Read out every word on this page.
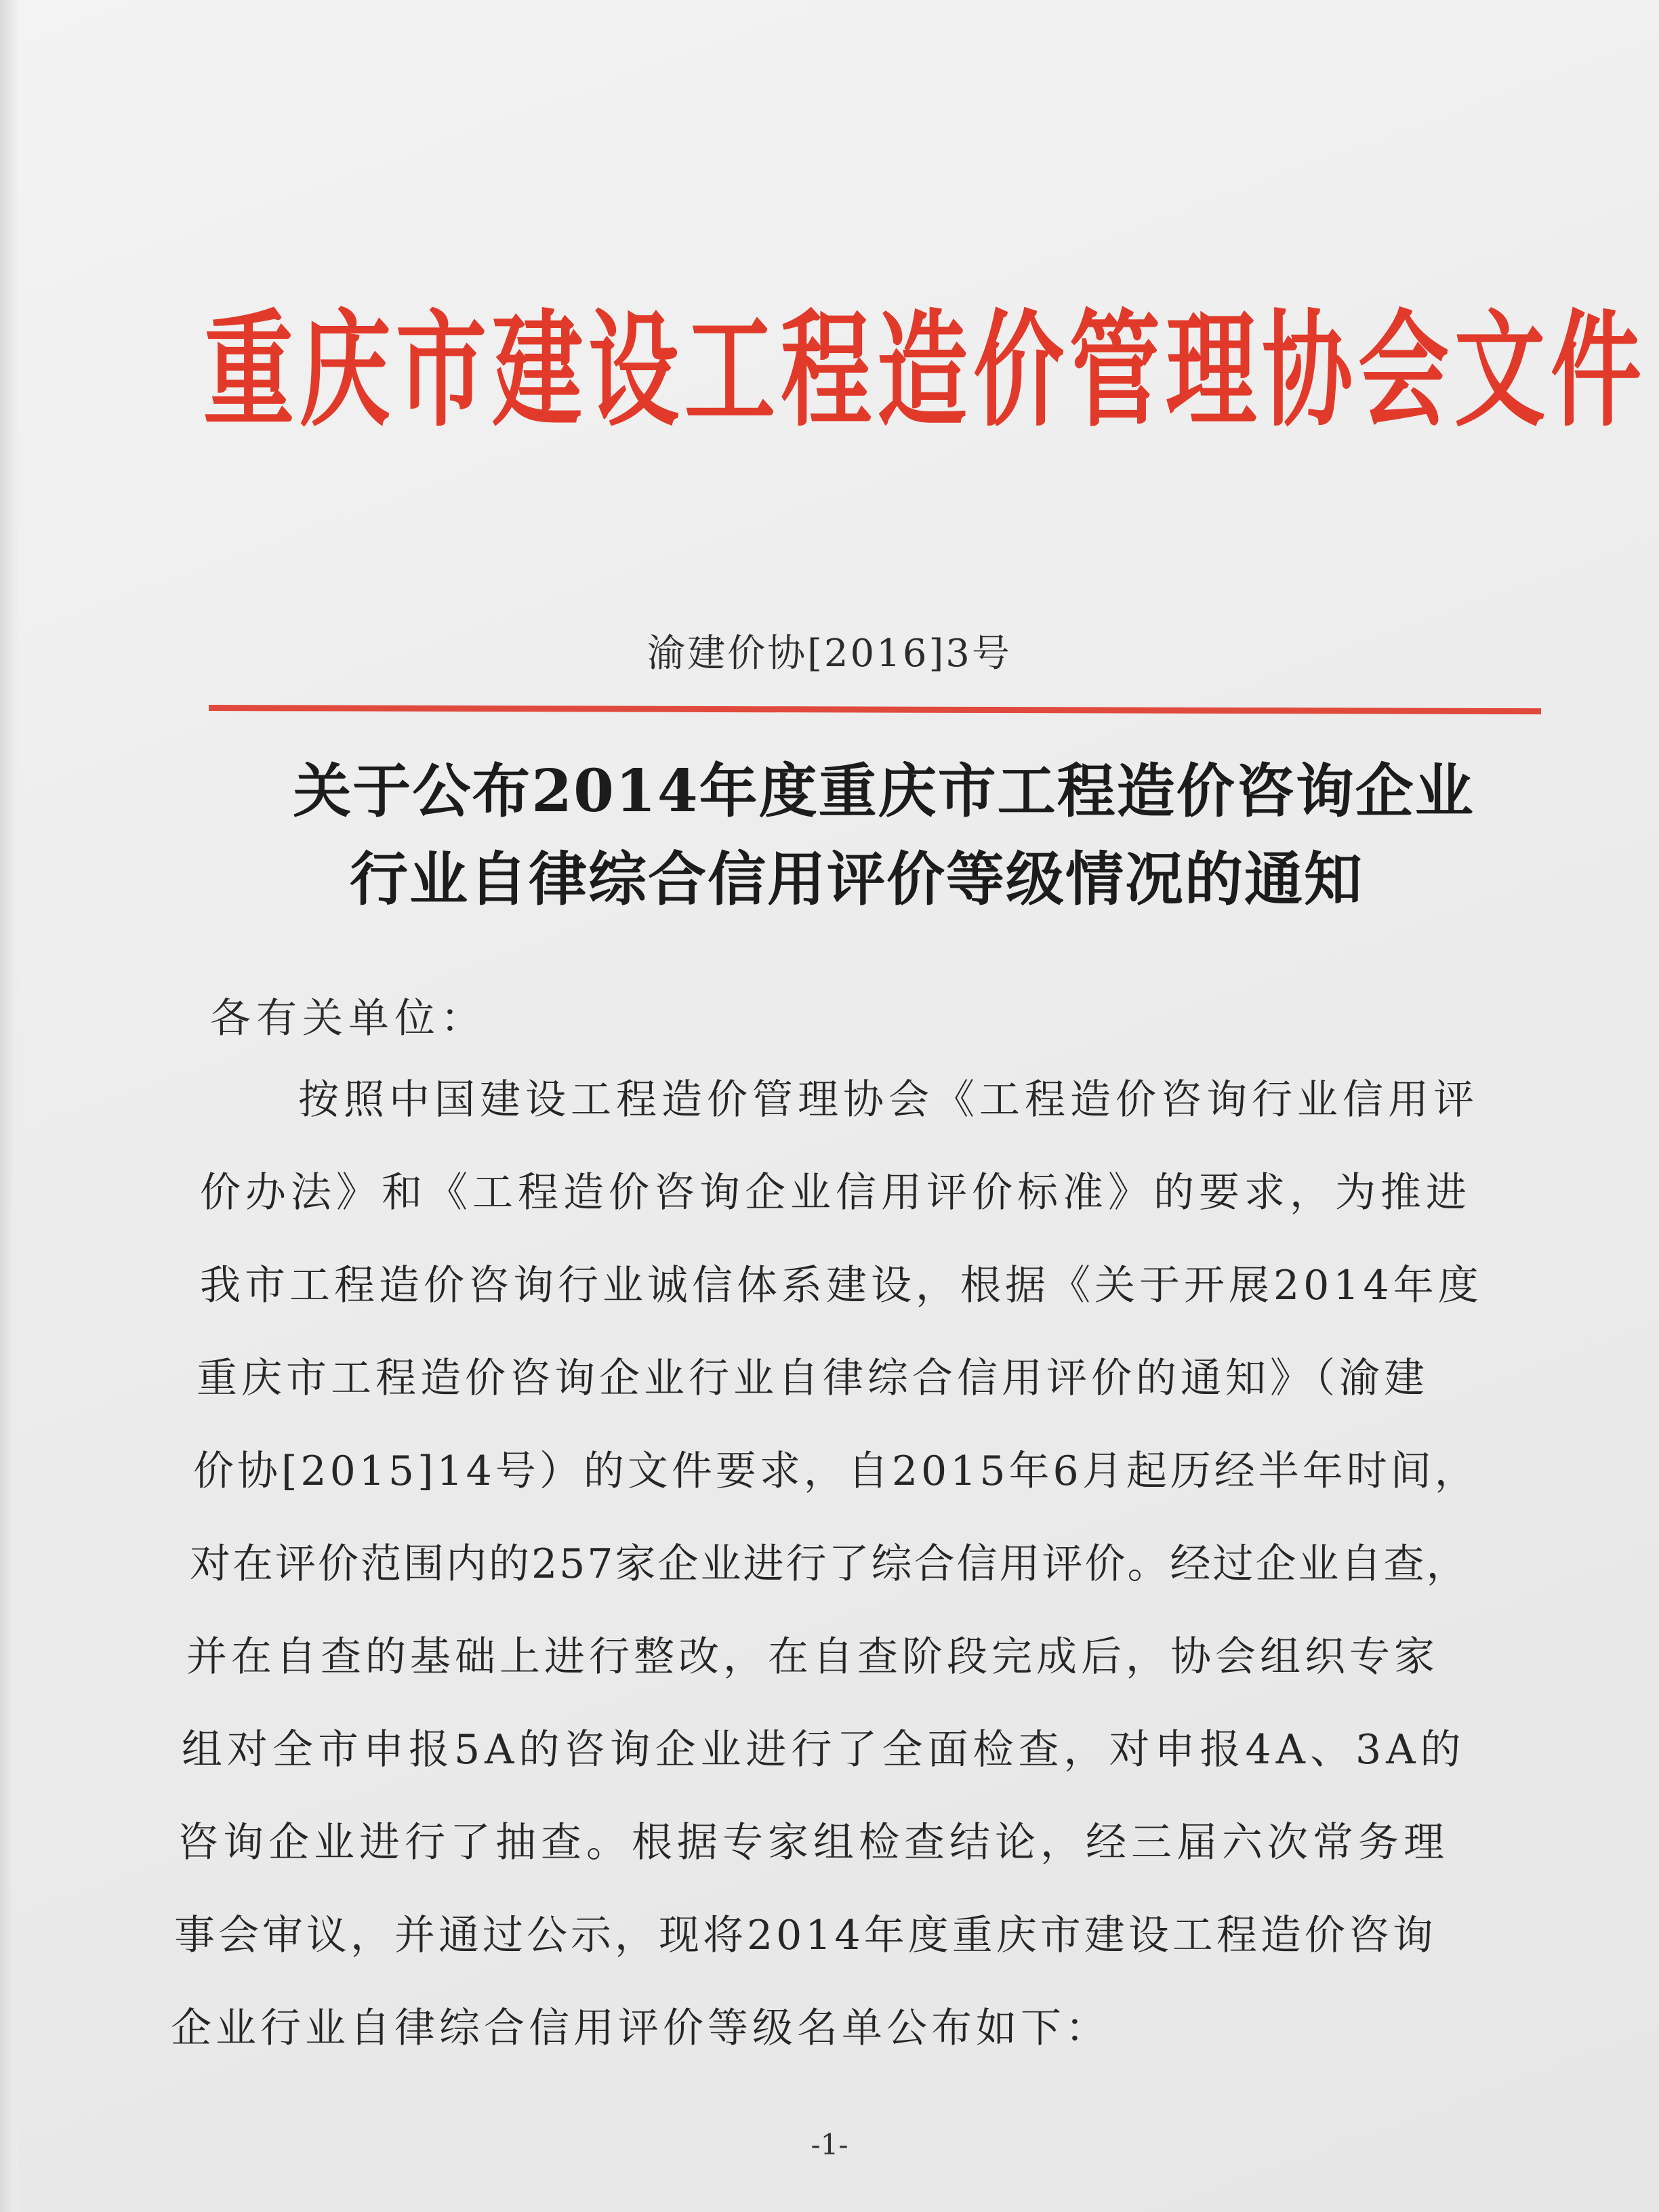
重庆市建设工程造价管理协会文件
渝建价协[2016]3号
关于公布2014年度重庆市工程造价咨询企业
行业自律综合信用评价等级情况的通知
各有关单位：
按照中国建设工程造价管理协会《工程造价咨询行业信用评
价办法》和《工程造价咨询企业信用评价标准》的要求，为推进
我市工程造价咨询行业诚信体系建设，根据《关于开展2014年度
重庆市工程造价咨询企业行业自律综合信用评价的通知》（渝建
价协[2015]14号）的文件要求，自2015年6月起历经半年时间，
对在评价范围内的257家企业进行了综合信用评价。经过企业自查，
并在自查的基础上进行整改，在自查阶段完成后，协会组织专家
组对全市申报5A的咨询企业进行了全面检查，对申报4A、3A的
咨询企业进行了抽查。根据专家组检查结论，经三届六次常务理
事会审议，并通过公示，现将2014年度重庆市建设工程造价咨询
企业行业自律综合信用评价等级名单公布如下：
-1-
